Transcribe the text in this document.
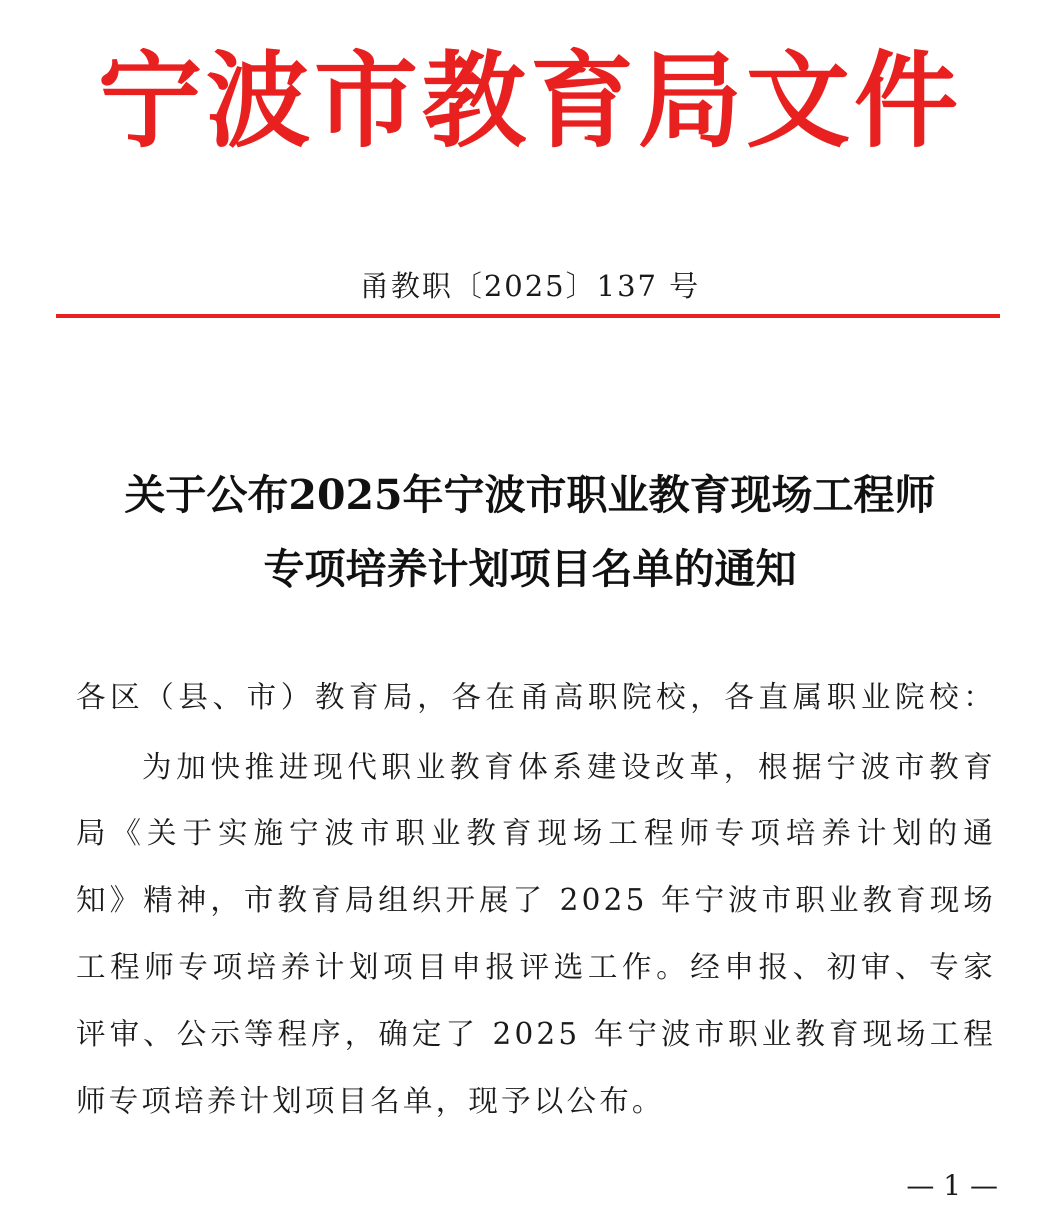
宁波市教育局文件
甬教职〔2025〕137 号
关于公布2025年宁波市职业教育现场工程师
专项培养计划项目名单的通知
各区（县、市）教育局，各在甬高职院校，各直属职业院校：
为加快推进现代职业教育体系建设改革，根据宁波市教育
局《关于实施宁波市职业教育现场工程师专项培养计划的通
知》精神，市教育局组织开展了 2025 年宁波市职业教育现场
工程师专项培养计划项目申报评选工作。经申报、初审、专家
评审、公示等程序，确定了 2025 年宁波市职业教育现场工程
师专项培养计划项目名单，现予以公布。
— 1 —
